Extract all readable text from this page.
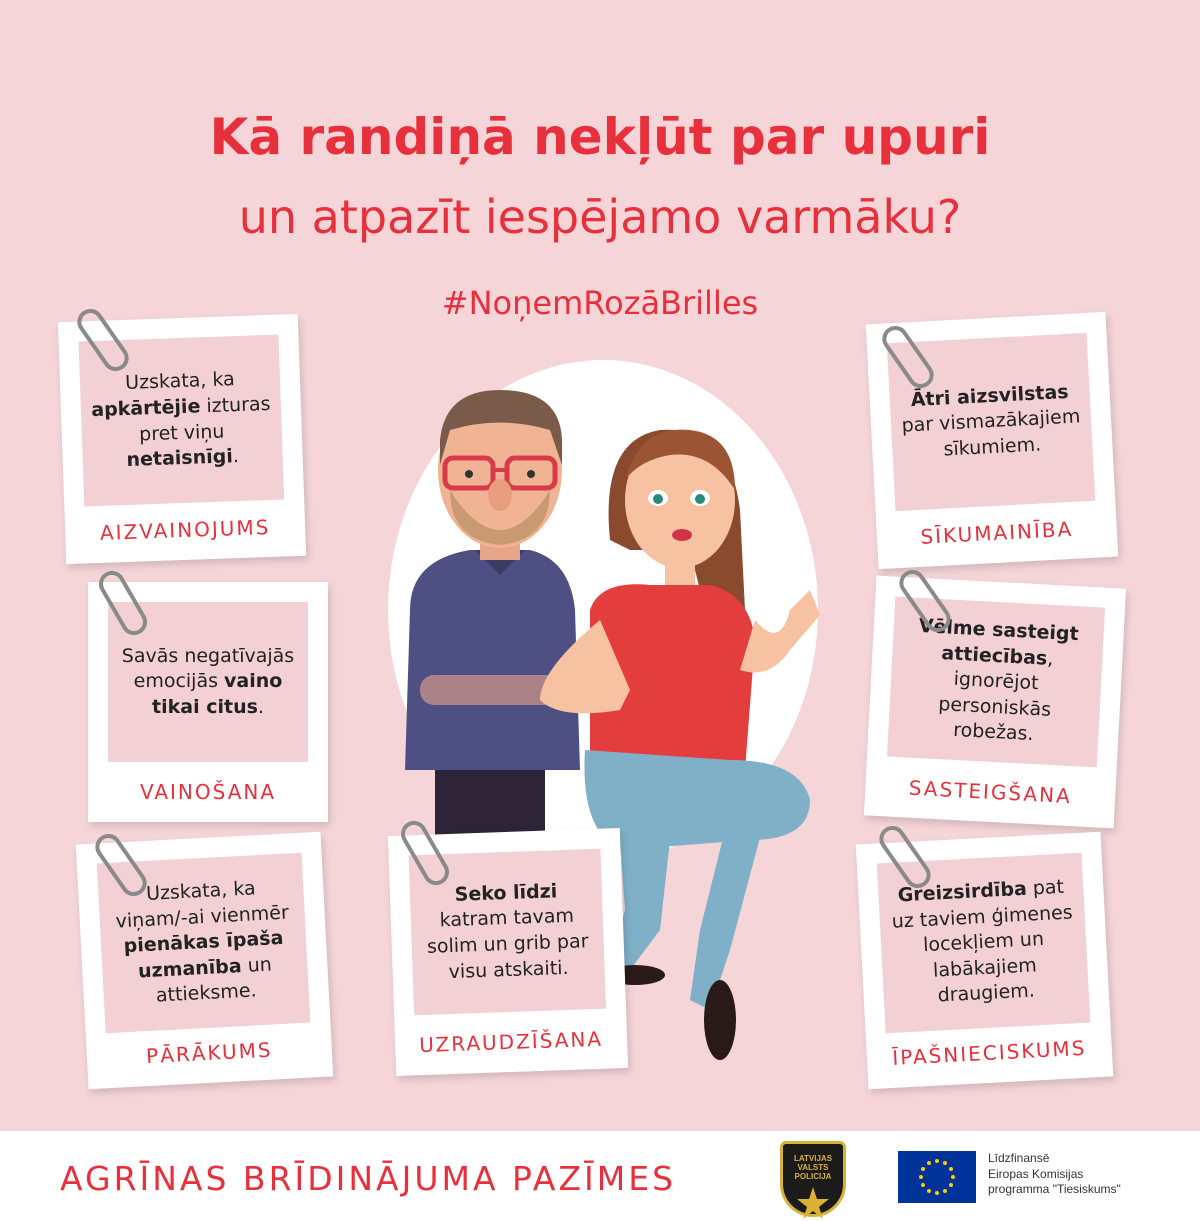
Kā randiņā nekļūt par upuri
un atpazīt iespējamo varmāku?
#NoņemRozāBrilles
Uzskata, ka apkārtējie izturas pret viņu netaisnīgi.
AIZVAINOJUMS
Savās negatīvajās emocijās vaino tikai citus.
VAINOŠANA
Uzskata, ka viņam/-ai vienmēr pienākas īpaša uzmanība un attieksme.
PĀRĀKUMS
Seko līdzi katram tavam solim un grib par visu atskaiti.
UZRAUDZĪŠANA
Ātri aizsvilstas par vismazākajiem sīkumiem.
SĪKUMAINĪBA
Vēlme sasteigt attiecības, ignorējot personiskās robežas.
SASTEIGŠANA
Greizsirdība pat uz taviem ģimenes locekļiem un labākajiem draugiem.
ĪPAŠNIECISKUMS
AGRĪNAS BRĪDINĀJUMA PAZĪMES
LATVIJAS VALSTS POLICIJA
Līdzfinansē
Eiropas Komisijas
programma "Tiesiskums"
